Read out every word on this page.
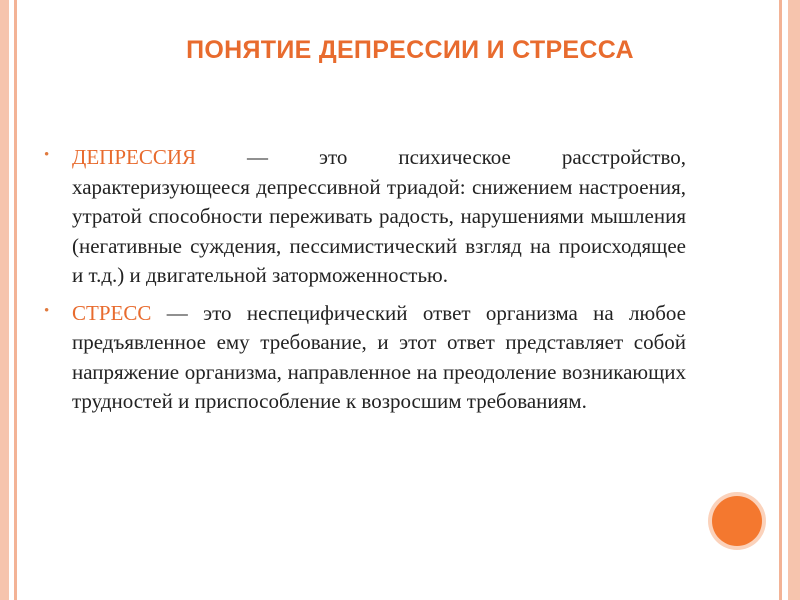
ПОНЯТИЕ ДЕПРЕССИИ И СТРЕССА
• ДЕПРЕССИЯ — это психическое расстройство, характеризующееся депрессивной триадой: снижением настроения, утратой способности переживать радость, нарушениями мышления (негативные суждения, пессимистический взгляд на происходящее и т.д.) и двигательной заторможенностью.
• СТРЕСС — это неспецифический ответ организма на любое предъявленное ему требование, и этот ответ представляет собой напряжение организма, направленное на преодоление возникающих трудностей и приспособление к возросшим требованиям.
